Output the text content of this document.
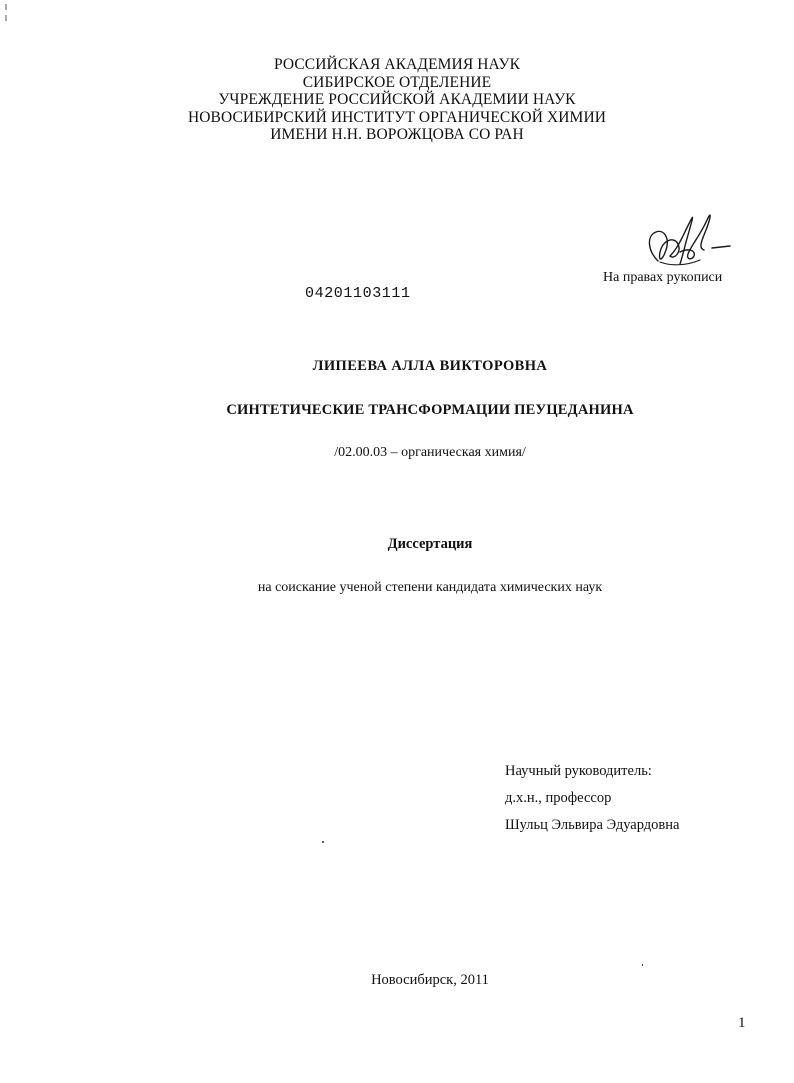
РОССИЙСКАЯ АКАДЕМИЯ НАУК
СИБИРСКОЕ ОТДЕЛЕНИЕ
УЧРЕЖДЕНИЕ РОССИЙСКОЙ АКАДЕМИИ НАУК
НОВОСИБИРСКИЙ ИНСТИТУТ ОРГАНИЧЕСКОЙ ХИМИИ
ИМЕНИ Н.Н. ВОРОЖЦОВА СО РАН
На правах рукописи
04201103111
ЛИПЕЕВА АЛЛА ВИКТОРОВНА
СИНТЕТИЧЕСКИЕ ТРАНСФОРМАЦИИ ПЕУЦЕДАНИНА
/02.00.03 – органическая химия/
Диссертация
на соискание ученой степени кандидата химических наук
Научный руководитель:
д.х.н., профессор
Шульц Эльвира Эдуардовна
Новосибирск, 2011
1
